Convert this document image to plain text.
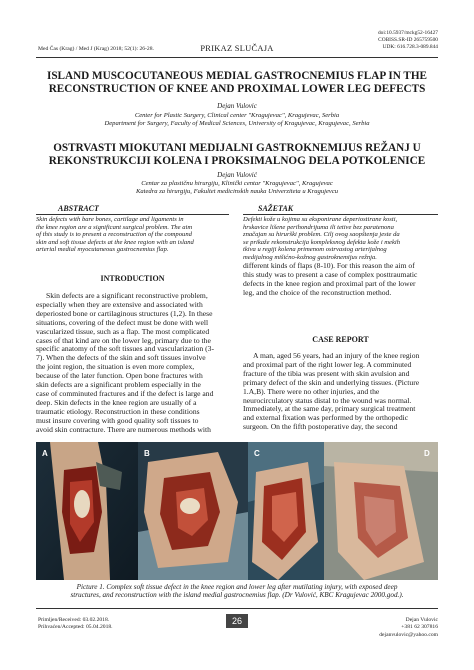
Med Čas (Krag) / Med J (Krag) 2018; 52(1): 26-28.	PRIKAZ SLUČAJA
doi:10.5937/mckg52-16427
COBISS.SR-ID 265759500
UDK: 616.728.3-089.844
ISLAND MUSCOCUTANEOUS MEDIAL GASTROCNEMIUS FLAP IN THE
RECONSTRUCTION OF KNEE AND PROXIMAL LOWER LEG DEFECTS
Dejan Vulovic
Center for Plastic Surgery, Clinical center "Kragujevac", Kragujevac, Serbia
Department for Surgery, Faculty of Medical Sciences, University of Kragujevac, Kragujevac, Serbia
OSTRVASTI MIOKUTANI MEDIJALNI GASTROKNEMIJUS REŽANJ U
REKONSTRUKCIJI KOLENA I PROKSIMALNOG DELA POTKOLENICE
Dejan Vulović
Centar za plastičnu hirurgiju, Klinički centar "Kragujevac", Kragujevac
Katedra za hirurgiju, Fakultet medicinskih nauka Univerziteta u Kragujevcu
ABSTRACT
Skin defects with bare bones, cartilage and ligaments in
the knee region are a significant surgical problem. The aim
of this study is to present a reconstruction of the compound
skin and soft tissue defects at the knee region with an island
arterial medial myocutaneous gastrocnemius flap.
SAŽETAK
Defekti kože u kojima su eksponirane deperiostirane kosti,
hrskavice lišene perihondrijuma ili tetive bez paratenona
značajan su hirurški problem. Cilj ovog saopštenja jeste da
se prikaže rekonstrukcija kompleksnog defekta kože i mekih
tkiva u regiji kolena primenom ostrvastog arterijalnog
medijalnog mišićno-kožnog gastroknemijus režnja.
INTRODUCTION
Skin defects are a significant reconstructive problem,
especially when they are extensive and associated with
deperiosted bone or cartilaginous structures (1,2). In these
situations, covering of the defect must be done with well
vascularized tissue, such as a flap. The most complicated
cases of that kind are on the lower leg, primary due to the
specific anatomy of the soft tissues and vascularization (3-
7). When the defects of the skin and soft tissues involve
the joint region, the situation is even more complex,
because of the later function. Open bone fractures with
skin defects are a significant problem especially in the
case of comminuted fractures and if the defect is large and
deep. Skin defects in the knee region are usually of a
traumatic etiology. Reconstruction in these conditions
must insure covering with good quality soft tissues to
avoid skin contracture. There are numerous methods with
different kinds of flaps (8-10). For this reason the aim of
this study was to present a case of complex posttraumatic
defects in the knee region and proximal part of the lower
leg, and the choice of the reconstruction method.
CASE REPORT
A man, aged 56 years, had an injury of the knee region
and proximal part of the right lower leg. A comminuted
fracture of the tibia was present with skin avulsion and
primary defect of the skin and underlying tissues. (Picture
1.A,B). There were no other injuries, and the
neurocirculatory status distal to the wound was normal.
Immediately, at the same day, primary surgical treatment
and external fixation was performed by the orthopedic
surgeon. On the fifth postoperative day, the second
A	B	C	D
Picture 1. Complex soft tissue defect in the knee region and lower leg after mutilating injury, with exposed deep
structures, and reconstruction with the island medial gastrocnemius flap. (Dr Vulović, KBC Kragujevac 2000.god.).
Primljen/Received: 03.02.2018.
Prihvaćen/Accepted: 05.04.2018.
26	Dejan Vulovic
+381 62 307816
dejanvulovic@yahoo.com
